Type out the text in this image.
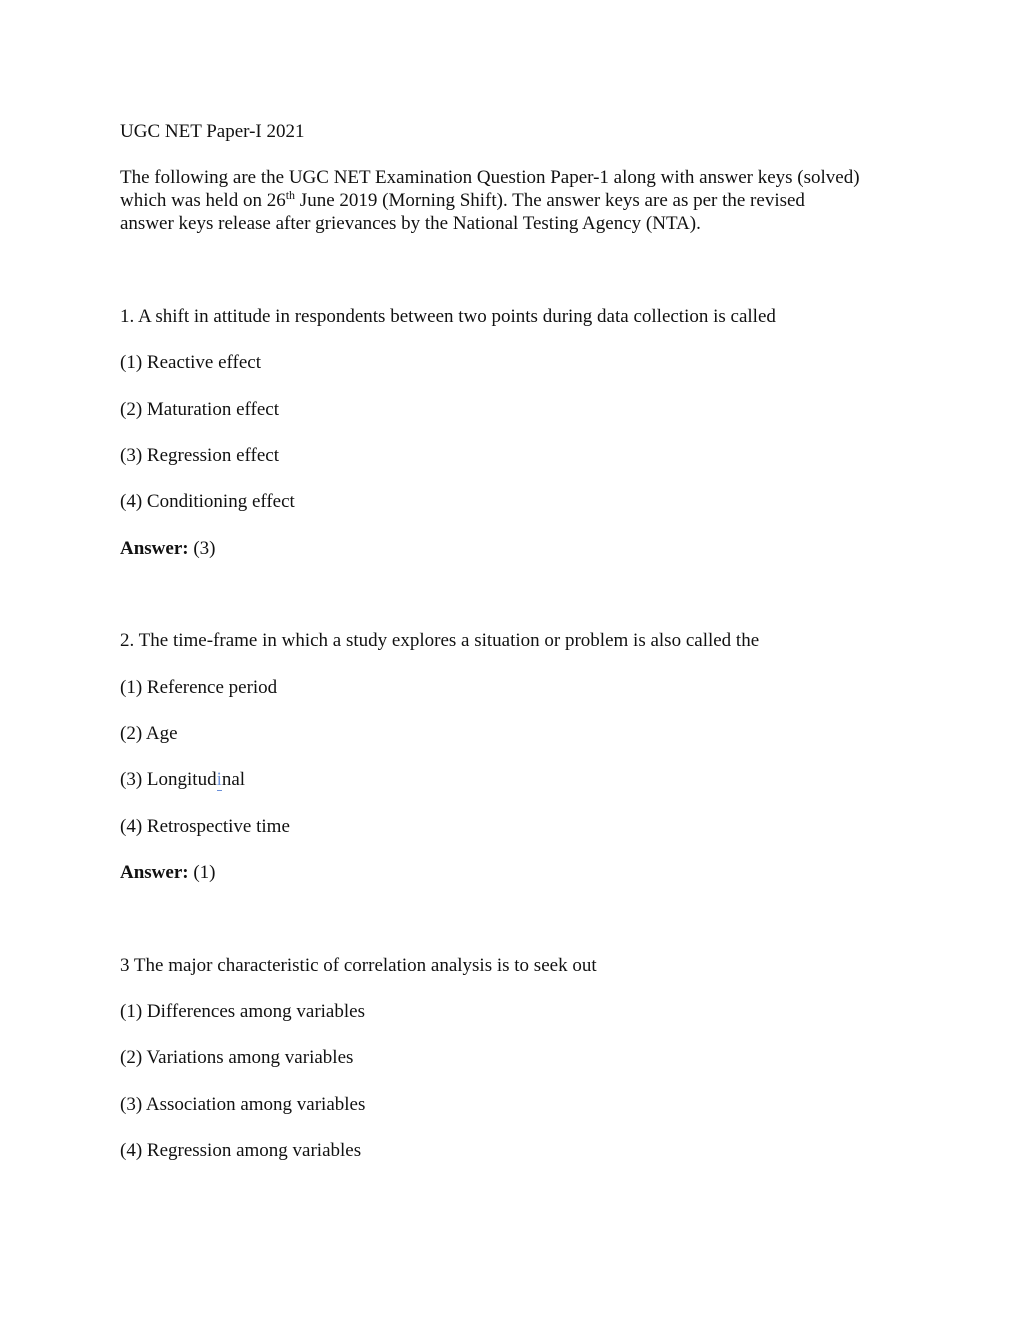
UGC NET Paper-I 2021
The following are the UGC NET Examination Question Paper-1 along with answer keys (solved)
which was held on 26th June 2019 (Morning Shift). The answer keys are as per the revised
answer keys release after grievances by the National Testing Agency (NTA).
1. A shift in attitude in respondents between two points during data collection is called
(1) Reactive effect
(2) Maturation effect
(3) Regression effect
(4) Conditioning effect
Answer: (3)
2. The time-frame in which a study explores a situation or problem is also called the
(1) Reference period
(2) Age
(3) Longitudinal
(4) Retrospective time
Answer: (1)
3 The major characteristic of correlation analysis is to seek out
(1) Differences among variables
(2) Variations among variables
(3) Association among variables
(4) Regression among variables
